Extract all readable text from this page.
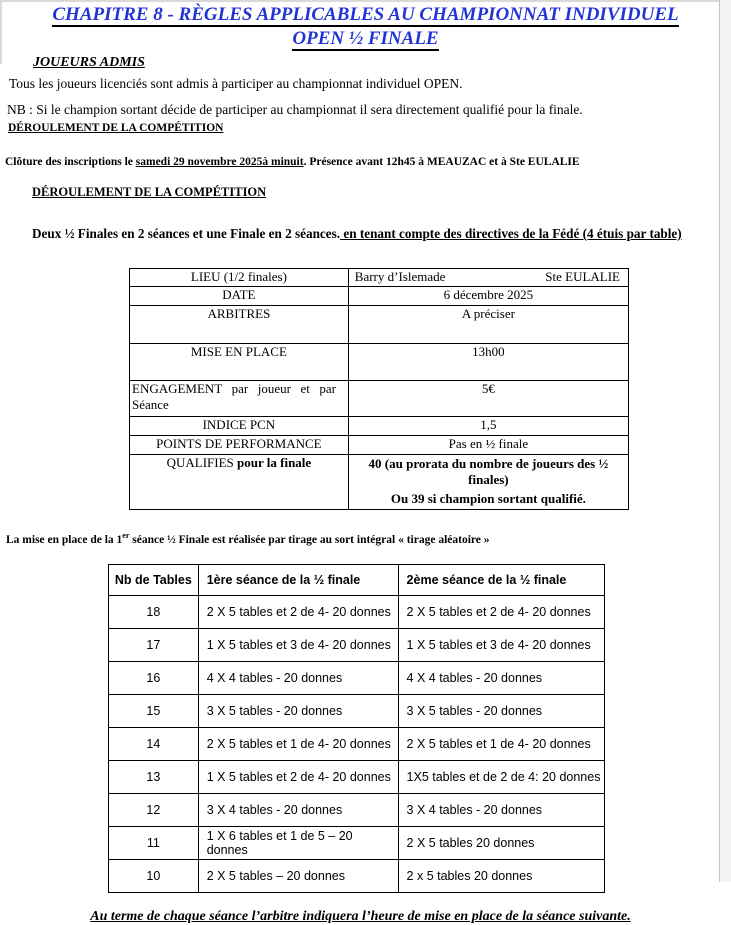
CHAPITRE 8 - RÈGLES APPLICABLES AU CHAMPIONNAT INDIVIDUEL
OPEN ½ FINALE
JOUEURS ADMIS

Tous les joueurs licenciés sont admis à participer au championnat individuel OPEN.

NB : Si le champion sortant décide de participer au championnat il sera directement qualifié pour la finale.

DÉROULEMENT DE LA COMPÉTITION

Clôture des inscriptions le samedi 29 novembre 2025à minuit. Présence avant 12h45 à MEAUZAC et à Ste EULALIE

DÉROULEMENT DE LA COMPÉTITION

Deux ½ Finales en 2 séances et une Finale en 2 séances. en tenant compte des directives de la Fédé (4 étuis par table)

LIEU (1/2 finales)	Barry d’Islemade Ste EULALIE

DATE	6 décembre 2025
ARBITRES	A préciser
MISE EN PLACE	13h00

ENGAGEMENT par joueur et par Séance	5€
INDICE PCN	1,5
POINTS DE PERFORMANCE	Pas en ½ finale
QUALIFIES pour la finale	40 (au prorata du nombre de joueurs des ½ finales)
Ou 39 si champion sortant qualifié.

La mise en place de la 1er séance ½ Finale est réalisée par tirage au sort intégral « tirage aléatoire »

Nb de Tables	1ère séance de la ½ finale	2ème séance de la ½ finale
18	2 X 5 tables et 2 de 4- 20 donnes	2 X 5 tables et 2 de 4- 20 donnes
17	1 X 5 tables et 3 de 4- 20 donnes	1 X 5 tables et 3 de 4- 20 donnes
16	4 X 4 tables - 20 donnes	4 X 4 tables - 20 donnes
15	3 X 5 tables - 20 donnes	3 X 5 tables - 20 donnes
14	2 X 5 tables et 1 de 4- 20 donnes	2 X 5 tables et 1 de 4- 20 donnes
13	1 X 5 tables et 2 de 4- 20 donnes	1X5 tables et de 2 de 4: 20 donnes
12	3 X 4 tables - 20 donnes	3 X 4 tables - 20 donnes
11	1 X 6 tables et 1 de 5 – 20 donnes	2 X 5 tables 20 donnes
10	2 X 5 tables – 20 donnes	2 x 5 tables 20 donnes

Au terme de chaque séance l’arbitre indiquera l’heure de mise en place de la séance suivante.
